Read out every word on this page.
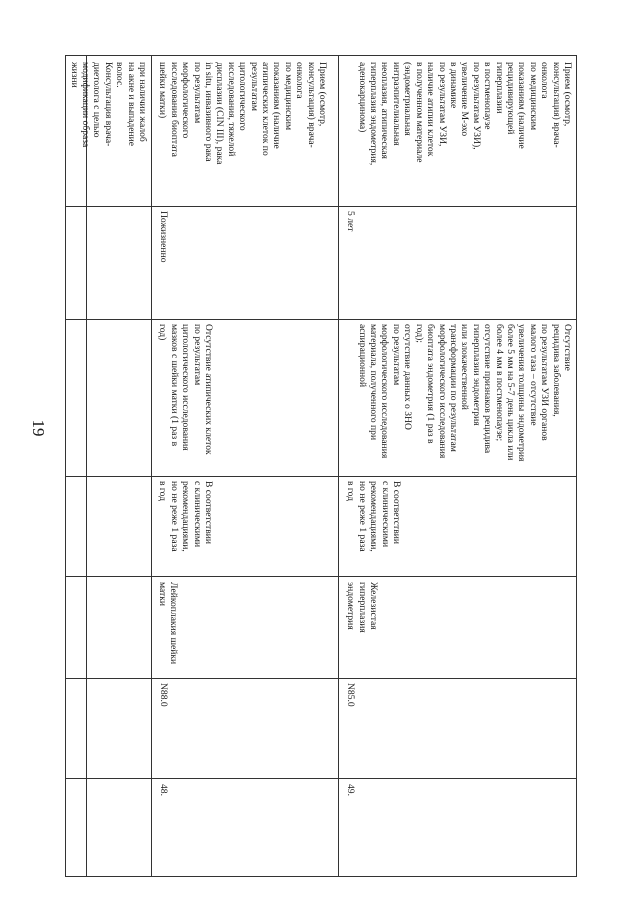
19
при наличии жалоб
на акне и выпадение
волос.
Консультация врача-
диетолога с целью
модификации образа
жизни
48.
N88.0
Лейкоплакия шейки
матки
В соответствии
с клиническими
рекомендациями,
но не реже 1 раза
в год
Отсутствие атипических клеток
по результатам
цитологического исследования
мазков с шейки матки (1 раз в
год)
Пожизненно
Прием (осмотр,
консультация) врача-
онколога
по медицинским
показаниям (наличие
атипических клеток по
результатам
цитологического
исследования, тяжелой
дисплазии (CIN III), рака
in situ, инвазивного рака
по результатам
морфологического
исследования биоптата
шейки матки)
49.
N85.0
Железистая
гиперплазия
эндометрия
В соответствии
с клиническими
рекомендациями,
но не реже 1 раза
в год
Отсутствие
рецидива заболевания,
по результатам УЗИ органов
малого таза – отсутствие
увеличения толщины эндометрия
более 5 мм на 5-7 день цикла или
более 4 мм в постменопаузе;
отсутствие признаков рецидива
гиперплазии эндометрия
или злокачественной
трансформации по результатам
морфологического исследования
биоптата эндометрия (1 раз в
год);
отсутствие данных о ЗНО
по результатам
морфологического исследования
материала, полученного при
аспирационной
5 лет
Прием (осмотр,
консультация) врача-
онколога
по медицинским
показаниям (наличие
рецидивирующей
гиперплазии
в постменопаузе
по результатам УЗИ),
увеличение М-эхо
в динамике
по результатам УЗИ,
наличие атипии клеток
в полученном материале
(эндометриальная
интраэпителиальная
неоплазия, атипическая
гиперплазия эндометрия,
аденокарцинома)
